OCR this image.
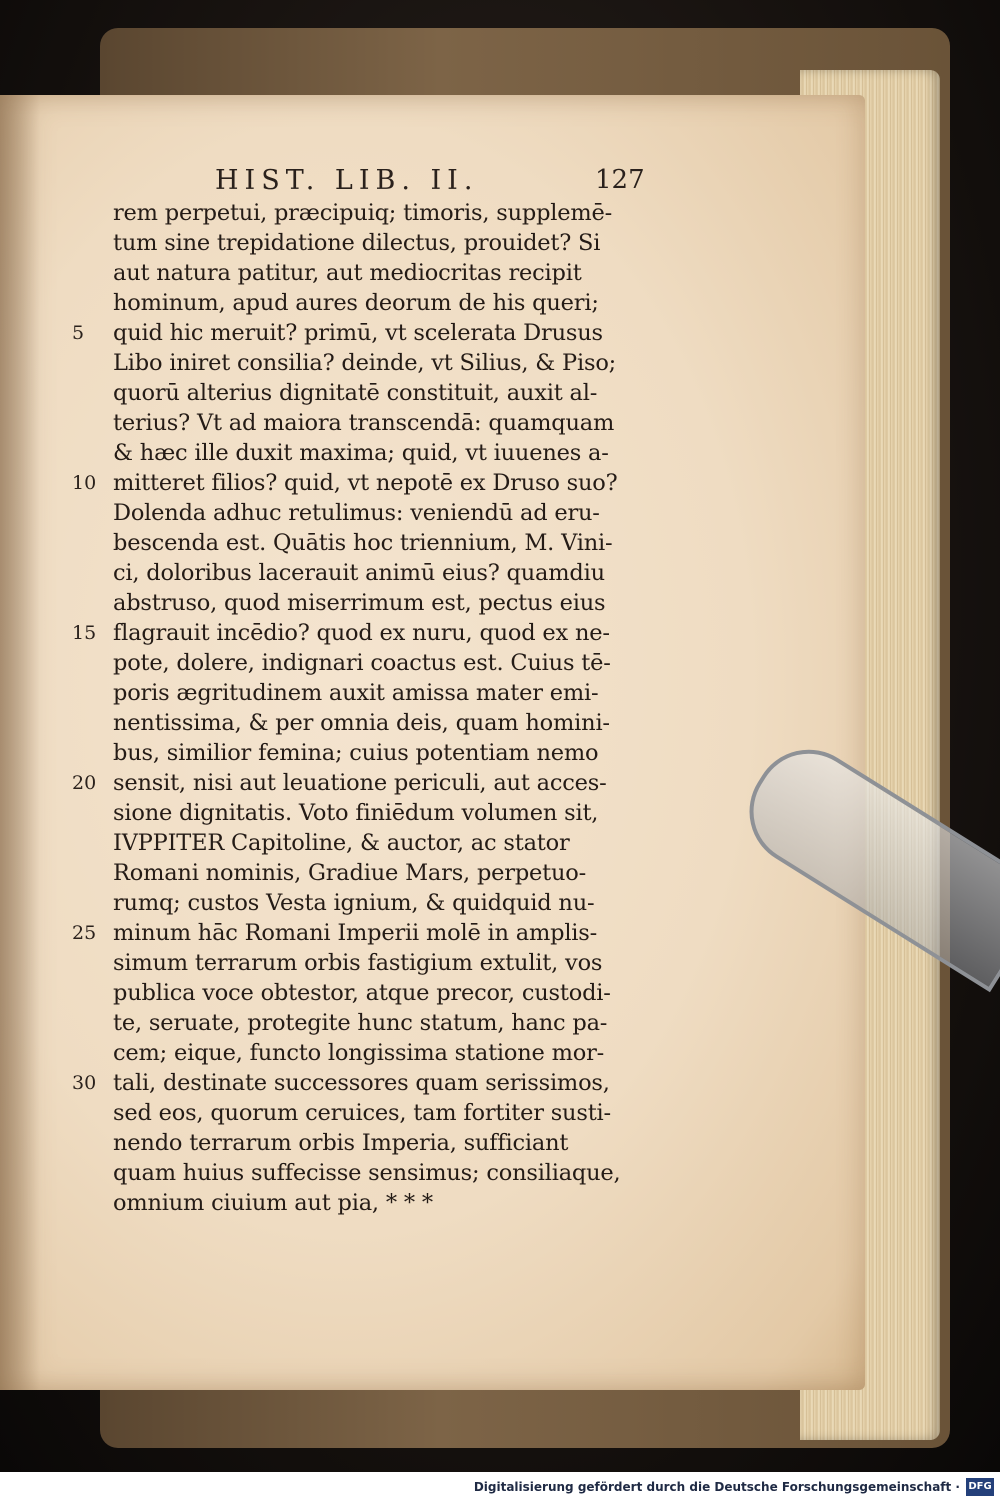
HIST. LIB. II.	127
5
10
15
20
25
30
rem perpetui, præcipuiq; timoris, supplemē-
tum sine trepidatione dilectus, prouidet? Si
aut natura patitur, aut mediocritas recipit
hominum, apud aures deorum de his queri;
quid hic meruit? primū, vt scelerata Drusus
Libo iniret consilia? deinde, vt Silius, & Piso;
quorū alterius dignitatē constituit, auxit al-
terius? Vt ad maiora transcendā: quamquam
& hæc ille duxit maxima; quid, vt iuuenes a-
mitteret filios? quid, vt nepotē ex Druso suo?
Dolenda adhuc retulimus: veniendū ad eru-
bescenda est. Quātis hoc triennium, M. Vini-
ci, doloribus lacerauit animū eius? quamdiu
abstruso, quod miserrimum est, pectus eius
flagrauit incēdio? quod ex nuru, quod ex ne-
pote, dolere, indignari coactus est. Cuius tē-
poris ægritudinem auxit amissa mater emi-
nentissima, & per omnia deis, quam homini-
bus, similior femina; cuius potentiam nemo
sensit, nisi aut leuatione periculi, aut acces-
sione dignitatis. Voto finiēdum volumen sit,
IVPPITER Capitoline, & auctor, ac stator
Romani nominis, Gradiue Mars, perpetuo-
rumq; custos Vesta ignium, & quidquid nu-
minum hāc Romani Imperii molē in amplis-
simum terrarum orbis fastigium extulit, vos
publica voce obtestor, atque precor, custodi-
te, seruate, protegite hunc statum, hanc pa-
cem; eique, functo longissima statione mor-
tali, destinate successores quam serissimos,
sed eos, quorum ceruices, tam fortiter susti-
nendo terrarum orbis Imperia, sufficiant
quam huius suffecisse sensimus; consiliaque,
omnium ciuium aut pia, * * *
Digitalisierung gefördert durch die Deutsche Forschungsgemeinschaft · DFG
